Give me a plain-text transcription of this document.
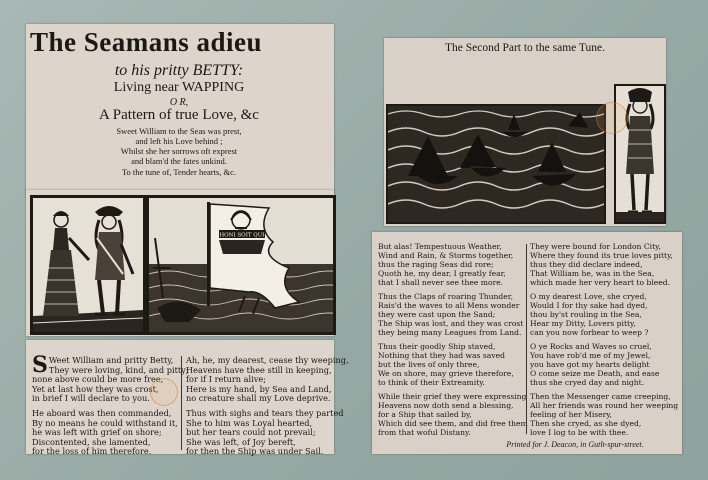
The Seamans adieu
to his pritty BETTY:
Living near WAPPING
O R,
A Pattern of true Love, &c
Sweet William to the Seas was prest,
and left his Love behind ;
Whilst she her sorrows oft exprest
and blam'd the fates unkind.
To the tune of, Tender hearts, &c.
HONI SOIT QUI

S Weet William and pritty Betty,
They were loving, kind, and pitty;
none above could be more free,
Yet at last how they was crost,
in brief I will declare to you.

He aboard was then commanded,
By no means he could withstand it,
he was left with grief on shore;
Discontented, she lamented,
for the loss of him therefore.

Ah, he, my dearest, cease thy weeping,
Heavens have thee still in keeping,
for if I return alive;
Here is my hand, by Sea and Land,
no creature shall my Love deprive.

Thus with sighs and tears they parted
She to him was Loyal hearted,
but her tears could not prevail;
She was left, of Joy bereft,
for then the Ship was under Sail.

The Second Part to the same Tune.

But alas! Tempestuous Weather,
Wind and Rain, & Storms together,
thus the raging Seas did rore;
Quoth he, my dear, I greatly fear,
that I shall never see thee more.

Thus the Claps of roaring Thunder,
Rais'd the waves to all Mens wonder
they were cast upon the Sand;
The Ship was lost, and they was crost
they being many Leagues from Land.

Thus their goodly Ship staved,
Nothing that they had was saved
but the lives of only three,
We on shore, may grieve therefore,
to think of their Extreamity.

While their grief they were expressing
Heavens now doth send a blessing,
for a Ship that sailed by,
Which did see them, and did free them
from that woful Distany.

They were bound for London City,
Where they found its true loves pitty,
thus they did declare indeed,
That William he, was in the Sea,
which made her very heart to bleed.

O my dearest Love, she cryed,
Would I for thy sake had dyed,
thou by'st rouling in the Sea,
Hear my Ditty, Lovers pitty,
can you now forbear to weep ?

O ye Rocks and Waves so cruel,
You have rob'd me of my Jewel,
you have got my hearts delight
O come seize me Death, and ease
thus she cryed day and night.

Then the Messenger came creeping,
All her friends was round her weeping
feeling of her Misery,
Then she cryed, as she dyed,
love I log to be with thee.

Printed for J. Deacon, in Gutlt-spur-street.
